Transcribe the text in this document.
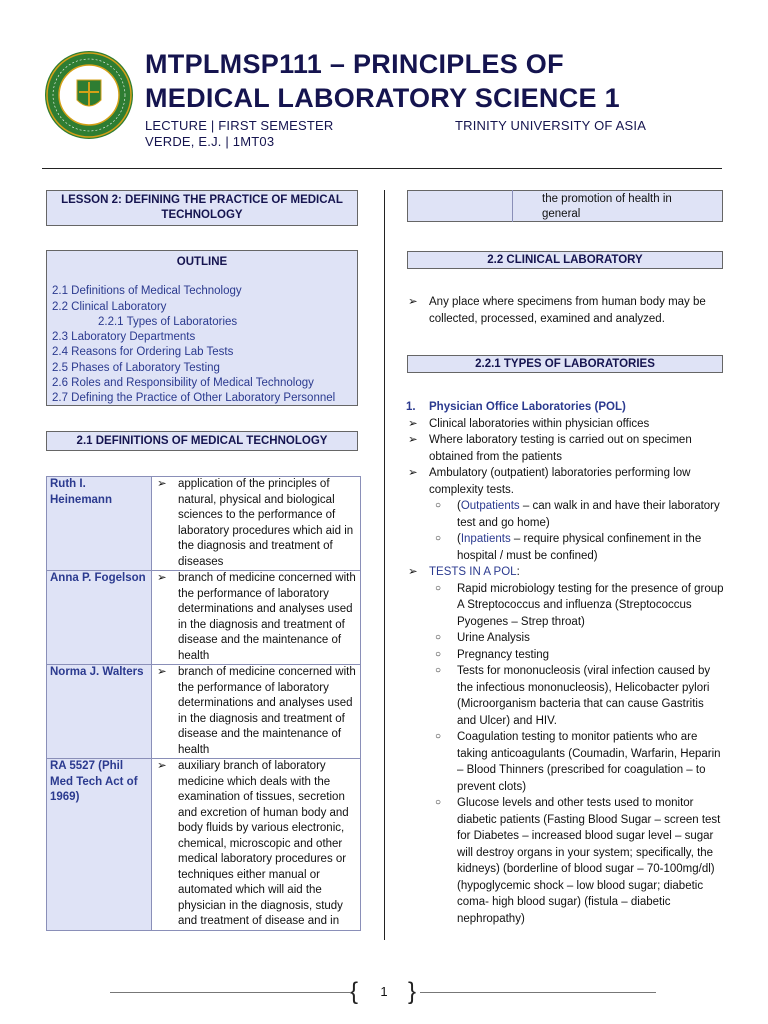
MTPLMSP111 – PRINCIPLES OF
MEDICAL LABORATORY SCIENCE 1
LECTURE | FIRST SEMESTER	TRINITY UNIVERSITY OF ASIA
VERDE, E.J. | 1MT03
LESSON 2: DEFINING THE PRACTICE OF MEDICAL TECHNOLOGY
OUTLINE
2.1 Definitions of Medical Technology
2.2 Clinical Laboratory
2.2.1 Types of Laboratories
2.3 Laboratory Departments
2.4 Reasons for Ordering Lab Tests
2.5 Phases of Laboratory Testing
2.6 Roles and Responsibility of Medical Technology
2.7 Defining the Practice of Other Laboratory Personnel
2.1 DEFINITIONS OF MEDICAL TECHNOLOGY
Ruth I. Heinemann	➢ application of the principles of natural, physical and biological sciences to the performance of laboratory procedures which aid in the diagnosis and treatment of diseases
Anna P. Fogelson	➢ branch of medicine concerned with the performance of laboratory determinations and analyses used in the diagnosis and treatment of disease and the maintenance of health
Norma J. Walters	➢ branch of medicine concerned with the performance of laboratory determinations and analyses used in the diagnosis and treatment of disease and the maintenance of health
RA 5527 (Phil Med Tech Act of 1969)	➢ auxiliary branch of laboratory medicine which deals with the examination of tissues, secretion and excretion of human body and body fluids by various electronic, chemical, microscopic and other medical laboratory procedures or techniques either manual or automated which will aid the physician in the diagnosis, study and treatment of disease and in
the promotion of health in general
2.2 CLINICAL LABORATORY
➢ Any place where specimens from human body may be collected, processed, examined and analyzed.
2.2.1 TYPES OF LABORATORIES
1. Physician Office Laboratories (POL)
➢ Clinical laboratories within physician offices
➢ Where laboratory testing is carried out on specimen obtained from the patients
➢ Ambulatory (outpatient) laboratories performing low complexity tests.
○ (Outpatients – can walk in and have their laboratory test and go home)
○ (Inpatients – require physical confinement in the hospital / must be confined)
➢ TESTS IN A POL:
○ Rapid microbiology testing for the presence of group A Streptococcus and influenza (Streptococcus Pyogenes – Strep throat)
○ Urine Analysis
○ Pregnancy testing
○ Tests for mononucleosis (viral infection caused by the infectious mononucleosis), Helicobacter pylori (Microorganism bacteria that can cause Gastritis and Ulcer) and HIV.
○ Coagulation testing to monitor patients who are taking anticoagulants (Coumadin, Warfarin, Heparin – Blood Thinners (prescribed for coagulation – to prevent clots)
○ Glucose levels and other tests used to monitor diabetic patients (Fasting Blood Sugar – screen test for Diabetes – increased blood sugar level – sugar will destroy organs in your system; specifically, the kidneys) (borderline of blood sugar – 70-100mg/dl) (hypoglycemic shock – low blood sugar; diabetic coma- high blood sugar) (fistula – diabetic nephropathy)
{ }
1
